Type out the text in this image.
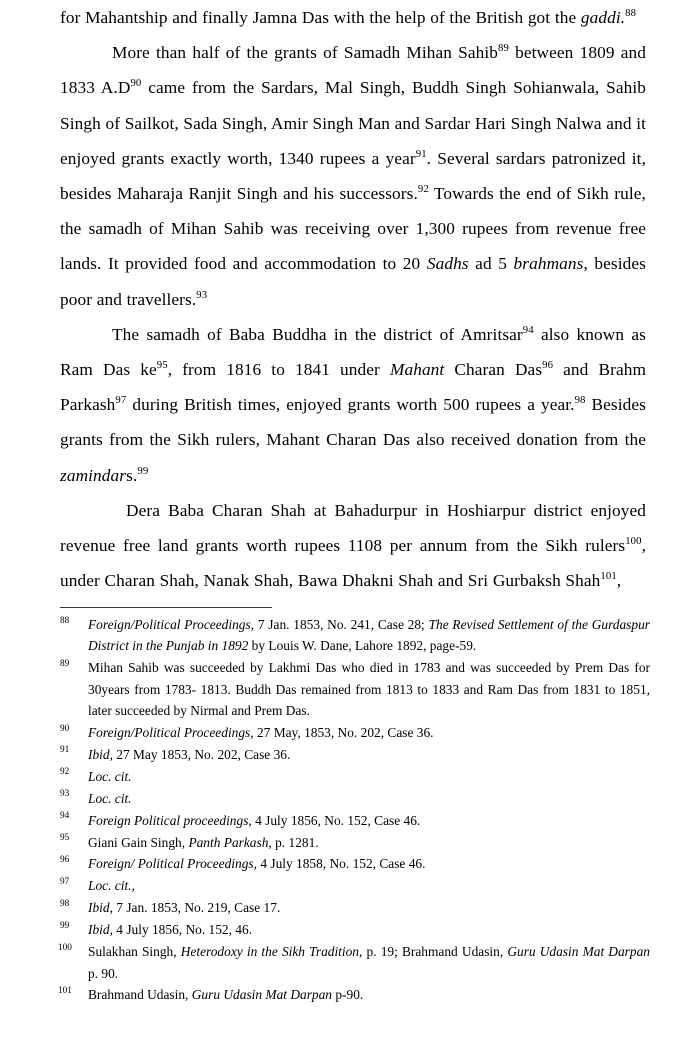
for Mahantship and finally Jamna Das with the help of the British got the gaddi.$^{88}$

More than half of the grants of Samadh Mihan Sahib$^{89}$ between 1809 and 1833 $A.D^{90}$ came from the Sardars, Mal Singh, Buddh Singh Sohianwala, Sahib Singh of Sailkot, Sada Singh, Amir Singh Man and Sardar Hari Singh Nalwa and it enjoyed grants exactly worth, 1340 rupees a year$^{91}$. Several sardars patronized it, besides Maharaja Ranjit Singh and his successors.$^{92}$ Towards the end of Sikh rule, the samadh of Mihan Sahib was receiving over 1,300 rupees from revenue free lands. It provided food and accommodation to 20 Sadhs ad 5 brahmans, besides poor and travellers.$^{93}$

The samadh of Baba Buddha in the district of Amritsar$^{94}$ also known as Ram Das $ke^{95}$, from 1816 to 1841 under Mahant Charan Das$^{96}$ and Brahm Parkash$^{97}$ during British times, enjoyed grants worth 500 rupees a year.$^{98}$ Besides grants from the Sikh rulers, Mahant Charan Das also received donation from the zamindars.$^{99}$

Dera Baba Charan Shah at Bahadurpur in Hoshiarpur district enjoyed revenue free land grants worth rupees 1108 per annum from the Sikh rulers$^{100}$, under Charan Shah, Nanak Shah, Bawa Dhakni Shah and Sri Gurbaksh Shah$^{101}$,

88	Foreign/Political Proceedings, 7 Jan. 1853, No. 241, Case 28; The Revised Settlement of the Gurdaspur District in the Punjab in 1892 by Louis W. Dane, Lahore 1892, page-59.
89	Mihan Sahib was succeeded by Lakhmi Das who died in 1783 and was succeeded by Prem Das for 30years from 1783- 1813. Buddh Das remained from 1813 to 1833 and Ram Das from 1831 to 1851, later succeeded by Nirmal and Prem Das.
90	Foreign/Political Proceedings, 27 May, 1853, No. 202, Case 36.
91	Ibid, 27 May 1853, No. 202, Case 36.
92	Loc. cit.
93	Loc. cit.
94	Foreign Political proceedings, 4 July 1856, No. 152, Case 46.
95	Giani Gain Singh, Panth Parkash, p. 1281.
96	Foreign/ Political Proceedings, 4 July 1858, No. 152, Case 46.
97	Loc. cit.,
98	Ibid, 7 Jan. 1853, No. 219, Case 17.
99	Ibid, 4 July 1856, No. 152, 46.
100	Sulakhan Singh, Heterodoxy in the Sikh Tradition, p. 19; Brahmand Udasin, Guru Udasin Mat Darpan p. 90.
101	Brahmand Udasin, Guru Udasin Mat Darpan p-90.
